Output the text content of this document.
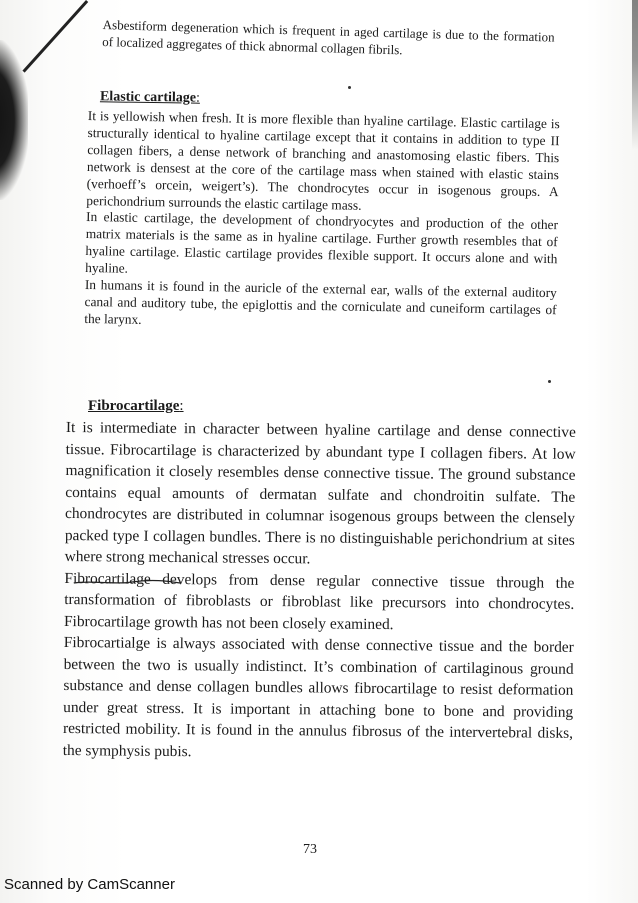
Asbestiform degeneration which is frequent in aged cartilage is due to the formation of localized aggregates of thick abnormal collagen fibrils.

Elastic cartilage:

It is yellowish when fresh. It is more flexible than hyaline cartilage. Elastic cartilage is structurally identical to hyaline cartilage except that it contains in addition to type II collagen fibers, a dense network of branching and anastomosing elastic fibers. This network is densest at the core of the cartilage mass when stained with elastic stains (verhoeff’s orcein, weigert’s). The chondrocytes occur in isogenous groups. A perichondrium surrounds the elastic cartilage mass.

In elastic cartilage, the development of chondryocytes and production of the other matrix materials is the same as in hyaline cartilage. Further growth resembles that of hyaline cartilage. Elastic cartilage provides flexible support. It occurs alone and with hyaline.

In humans it is found in the auricle of the external ear, walls of the external auditory canal and auditory tube, the epiglottis and the corniculate and cuneiform cartilages of the larynx.

Fibrocartilage:

It is intermediate in character between hyaline cartilage and dense connective tissue. Fibrocartilage is characterized by abundant type I collagen fibers. At low magnification it closely resembles dense connective tissue. The ground substance contains equal amounts of dermatan sulfate and chondroitin sulfate. The chondrocytes are distributed in columnar isogenous groups between the clensely packed type I collagen bundles. There is no distinguishable perichondrium at sites where strong mechanical stresses occur.

Fibrocartilage develops from dense regular connective tissue through the transformation of fibroblasts or fibroblast like precursors into chondrocytes. Fibrocartilage growth has not been closely examined.

Fibrocartialge is always associated with dense connective tissue and the border between the two is usually indistinct. It’s combination of cartilaginous ground substance and dense collagen bundles allows fibrocartilage to resist deformation under great stress. It is important in attaching bone to bone and providing restricted mobility. It is found in the annulus fibrosus of the intervertebral disks, the symphysis pubis.

73
Scanned by CamScanner
